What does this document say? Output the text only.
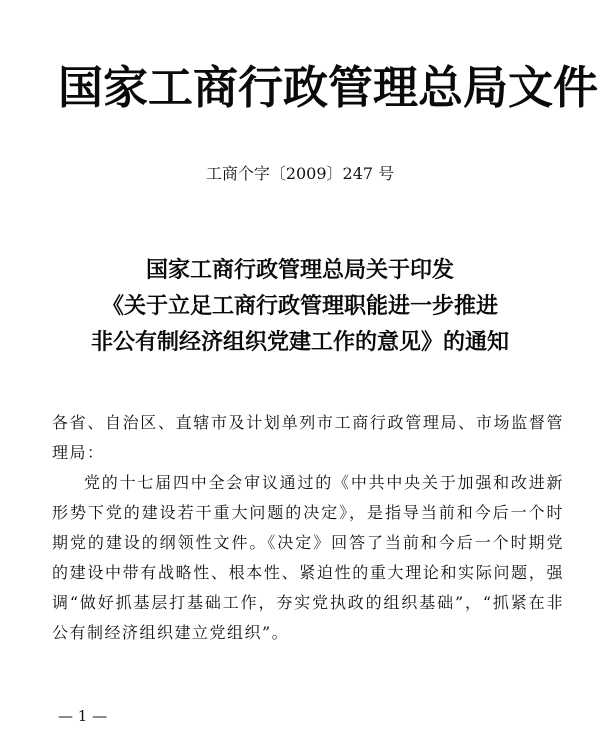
国家工商行政管理总局文件
工商个字〔2009〕247 号
国家工商行政管理总局关于印发
《关于立足工商行政管理职能进一步推进
非公有制经济组织党建工作的意见》的通知

各省、自治区、直辖市及计划单列市工商行政管理局、市场监督管理局：

党的十七届四中全会审议通过的《中共中央关于加强和改进新形势下党的建设若干重大问题的决定》，是指导当前和今后一个时期党的建设的纲领性文件。《决定》回答了当前和今后一个时期党的建设中带有战略性、根本性、紧迫性的重大理论和实际问题，强调“做好抓基层打基础工作，夯实党执政的组织基础”，“抓紧在非公有制经济组织建立党组织”。

— 1 —
